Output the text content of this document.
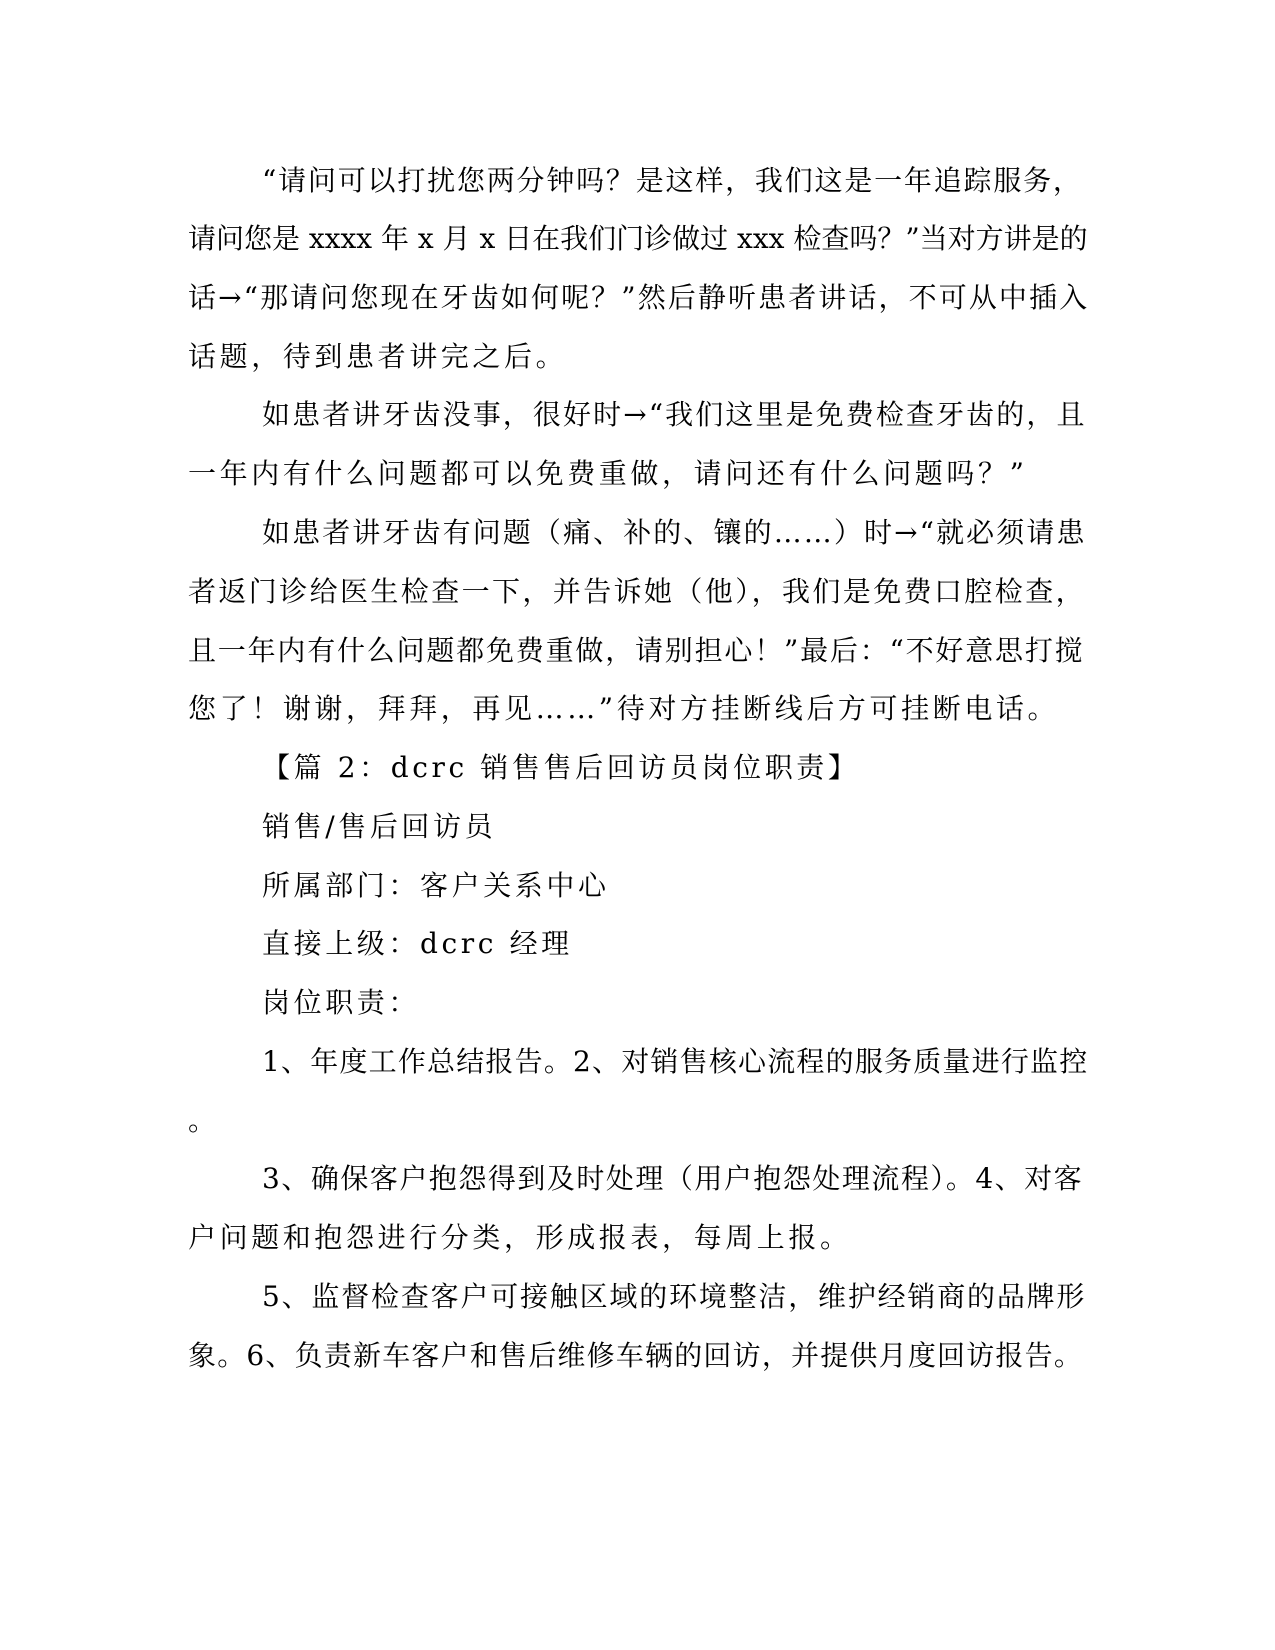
“请问可以打扰您两分钟吗？是这样，我们这是一年追踪服务，

请问您是 xxxx 年 x 月 x 日在我们门诊做过 xxx 检查吗？”当对方讲是的

话→“那请问您现在牙齿如何呢？”然后静听患者讲话，不可从中插入

话题，待到患者讲完之后。

如患者讲牙齿没事，很好时→“我们这里是免费检查牙齿的，且

一年内有什么问题都可以免费重做，请问还有什么问题吗？”

如患者讲牙齿有问题（痛、补的、镶的……）时→“就必须请患

者返门诊给医生检查一下，并告诉她（他），我们是免费口腔检查，

且一年内有什么问题都免费重做，请别担心！”最后：“不好意思打搅

您了！谢谢，拜拜，再见……”待对方挂断线后方可挂断电话。

【篇 2：dcrc 销售售后回访员岗位职责】

销售/售后回访员

所属部门：客户关系中心

直接上级：dcrc 经理

岗位职责：

1、年度工作总结报告。2、对销售核心流程的服务质量进行监控

。

3、确保客户抱怨得到及时处理（用户抱怨处理流程）。4、对客

户问题和抱怨进行分类，形成报表，每周上报。

5、监督检查客户可接触区域的环境整洁，维护经销商的品牌形

象。6、负责新车客户和售后维修车辆的回访，并提供月度回访报告。
